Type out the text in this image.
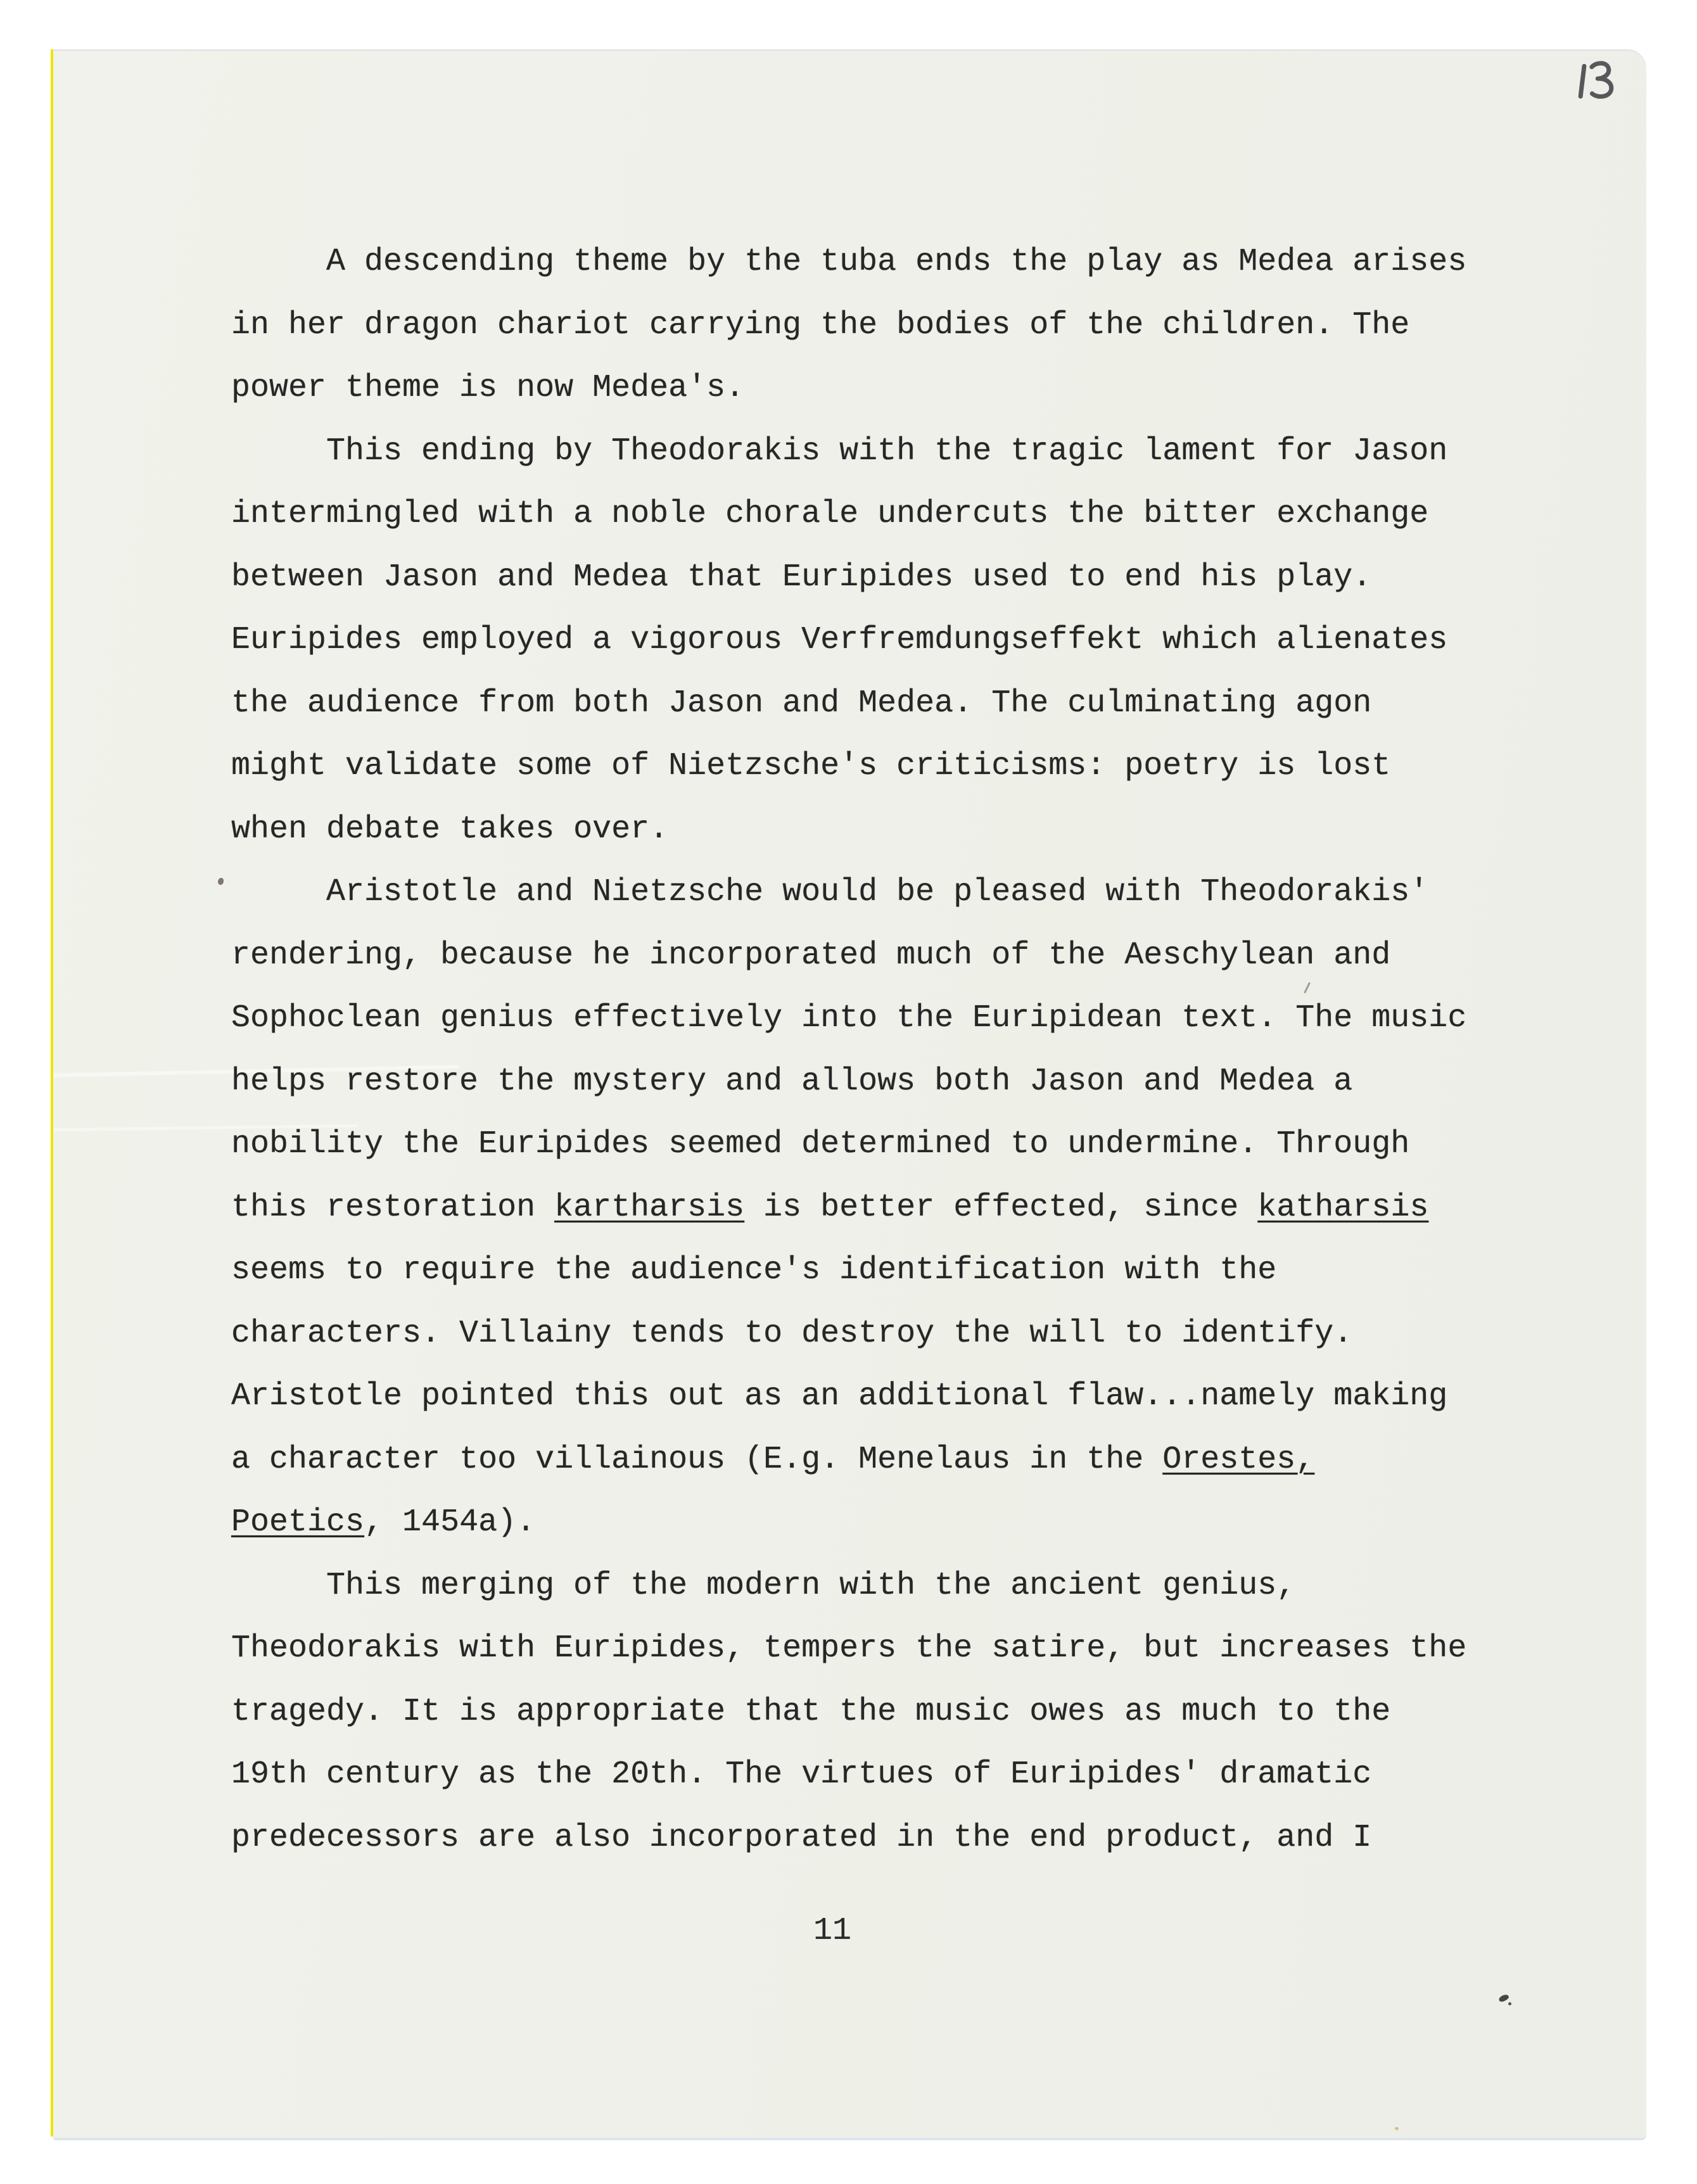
A descending theme by the tuba ends the play as Medea arises
in her dragon chariot carrying the bodies of the children. The
power theme is now Medea's.
This ending by Theodorakis with the tragic lament for Jason
intermingled with a noble chorale undercuts the bitter exchange
between Jason and Medea that Euripides used to end his play.
Euripides employed a vigorous Verfremdungseffekt which alienates
the audience from both Jason and Medea. The culminating agon
might validate some of Nietzsche's criticisms: poetry is lost
when debate takes over.
Aristotle and Nietzsche would be pleased with Theodorakis'
rendering, because he incorporated much of the Aeschylean and
Sophoclean genius effectively into the Euripidean text. The music
helps restore the mystery and allows both Jason and Medea a
nobility the Euripides seemed determined to undermine. Through
this restoration kartharsis is better effected, since katharsis
seems to require the audience's identification with the
characters. Villainy tends to destroy the will to identify.
Aristotle pointed this out as an additional flaw...namely making
a character too villainous (E.g. Menelaus in the Orestes,
Poetics, 1454a).
This merging of the modern with the ancient genius,
Theodorakis with Euripides, tempers the satire, but increases the
tragedy. It is appropriate that the music owes as much to the
19th century as the 20th. The virtues of Euripides' dramatic
predecessors are also incorporated in the end product, and I
11
